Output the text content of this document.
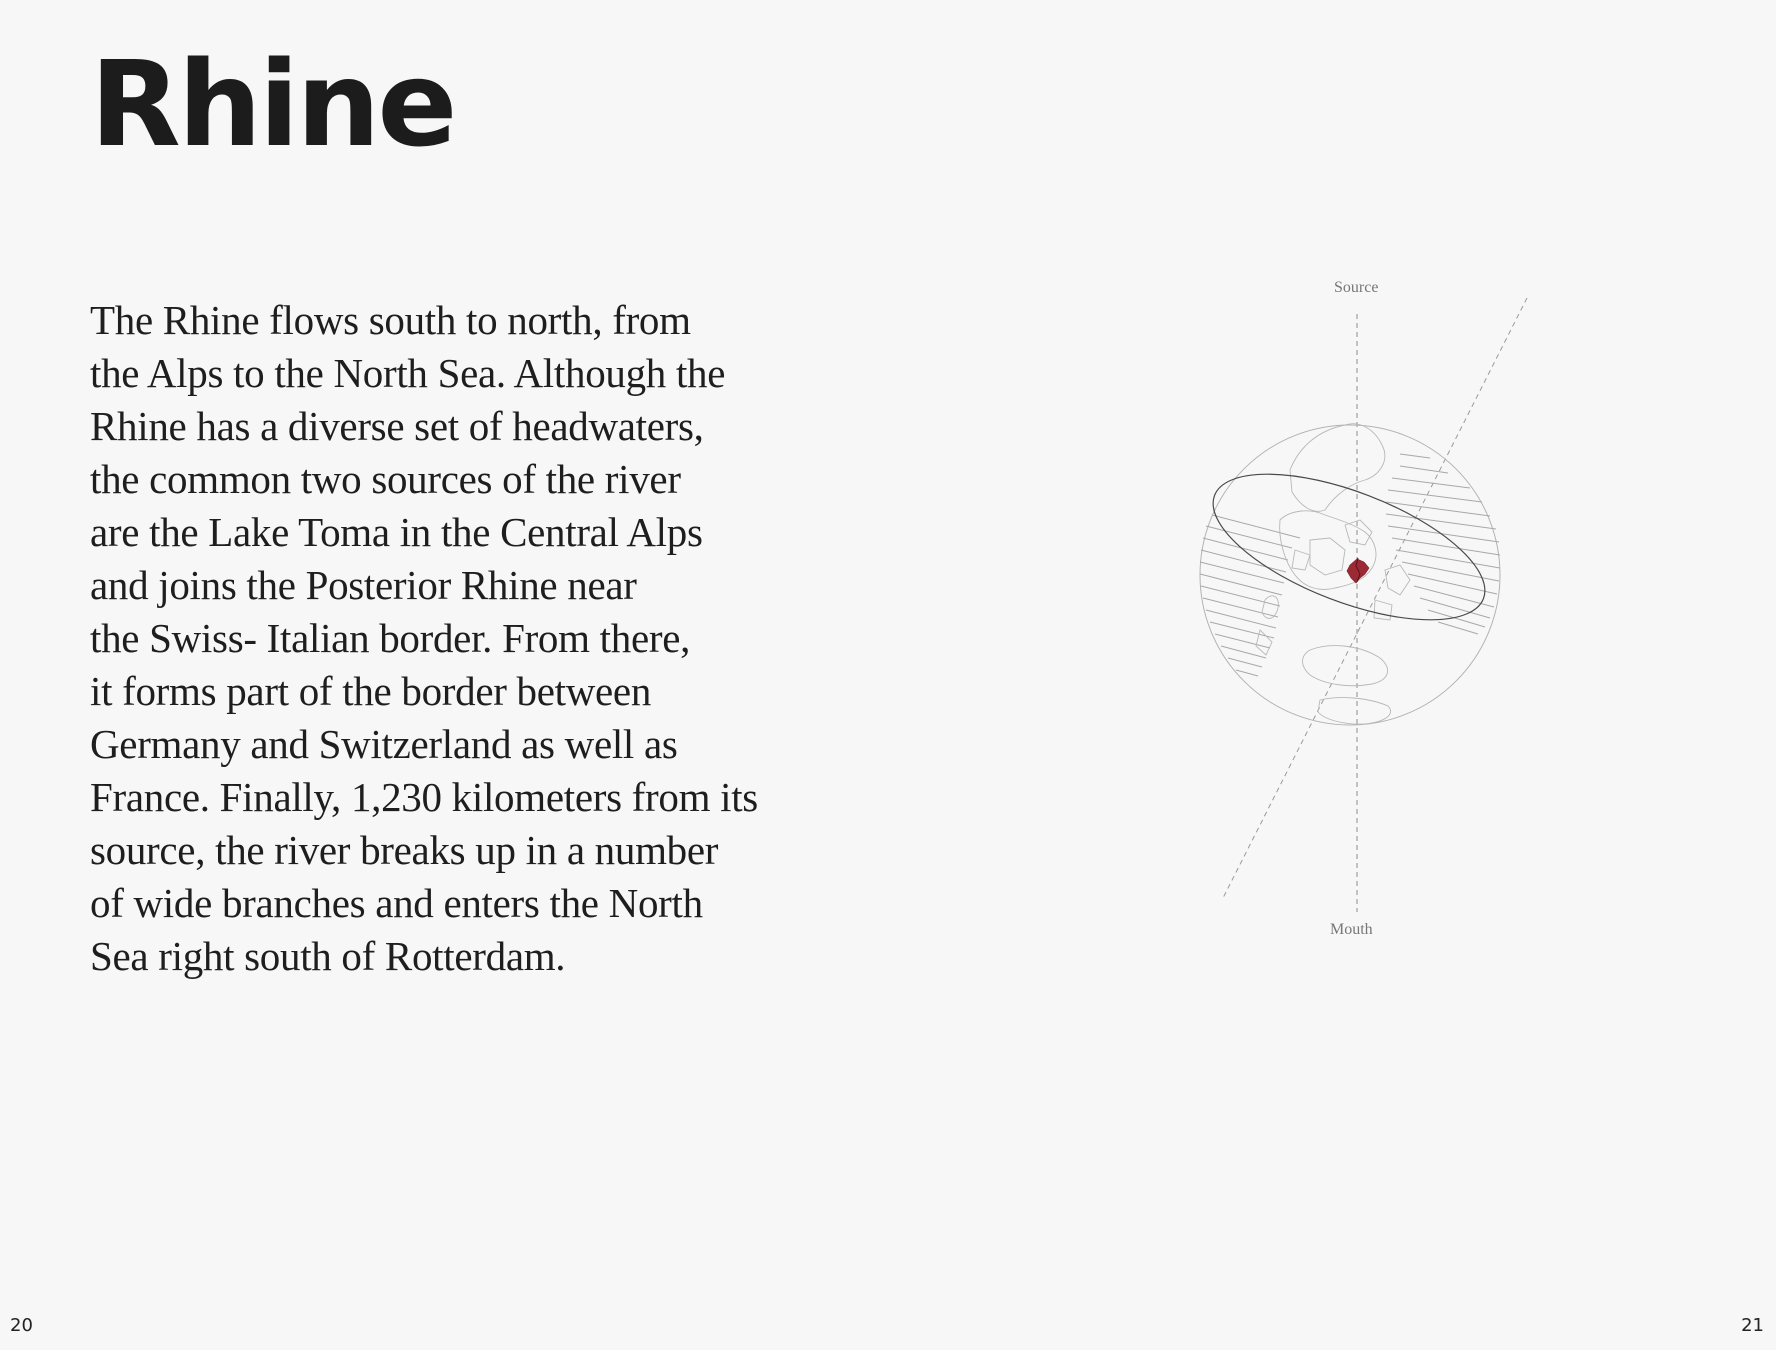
Rhine
The Rhine flows south to north, from
the Alps to the North Sea. Although the
Rhine has a diverse set of headwaters,
the common two sources of the river
are the Lake Toma in the Central Alps
and joins the Posterior Rhine near
the Swiss- Italian border. From there,
it forms part of the border between
Germany and Switzerland as well as
France. Finally, 1,230 kilometers from its
source, the river breaks up in a number
of wide branches and enters the North
Sea right south of Rotterdam.
Source
Mouth
20	21
